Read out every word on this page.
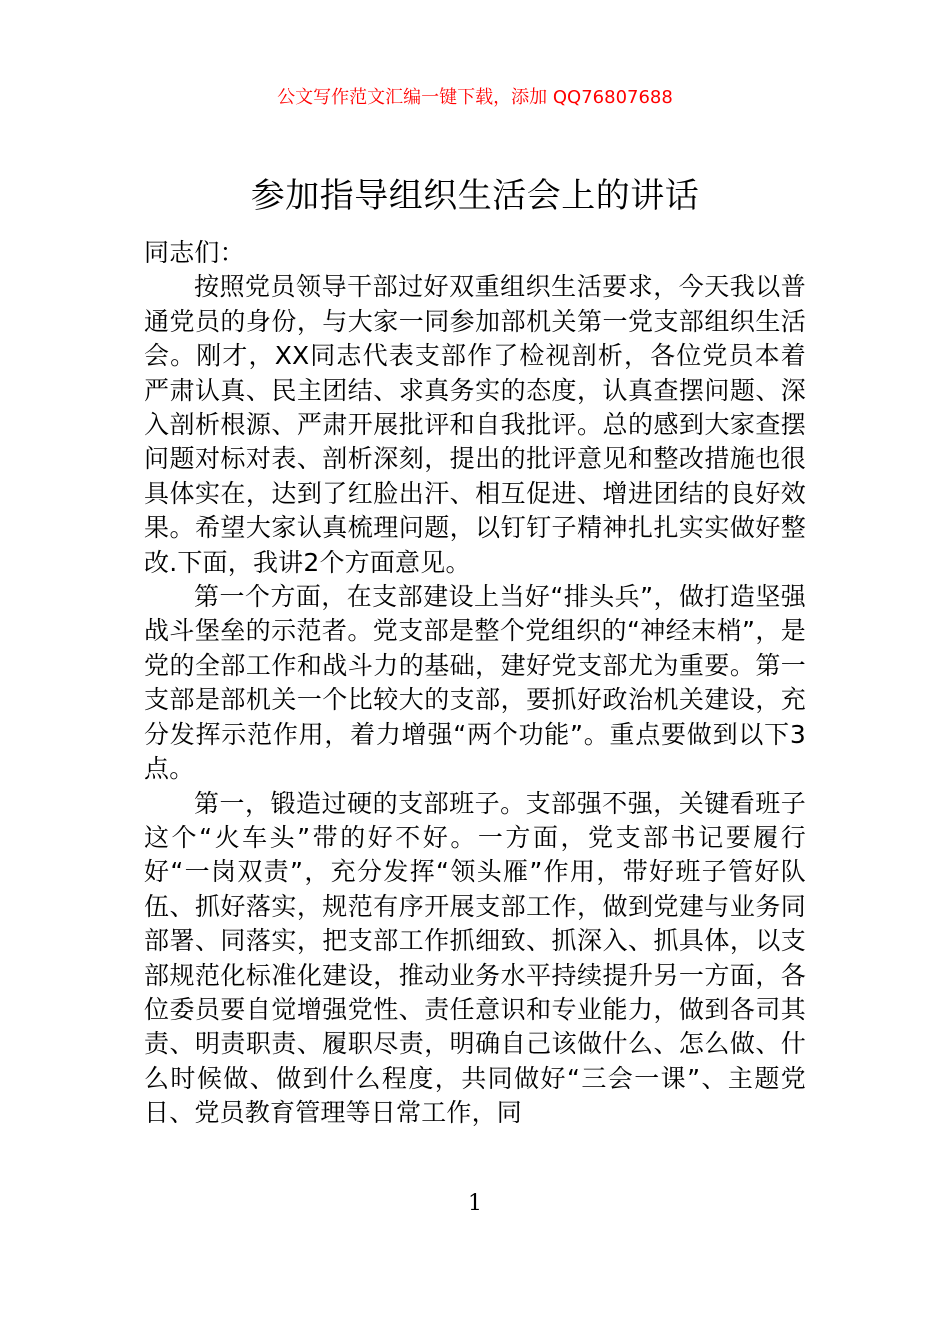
公文写作范文汇编一键下载，添加 QQ76807688
参加指导组织生活会上的讲话

同志们：

按照党员领导干部过好双重组织生活要求，今天我以普通党员的身份，与大家一同参加部机关第一党支部组织生活会。刚才，XX同志代表支部作了检视剖析，各位党员本着严肃认真、民主团结、求真务实的态度，认真查摆问题、深入剖析根源、严肃开展批评和自我批评。总的感到大家查摆问题对标对表、剖析深刻，提出的批评意见和整改措施也很具体实在，达到了红脸出汗、相互促进、增进团结的良好效果。希望大家认真梳理问题，以钉钉子精神扎扎实实做好整改.下面，我讲2个方面意见。

第一个方面，在支部建设上当好“排头兵”，做打造坚强战斗堡垒的示范者。党支部是整个党组织的“神经末梢”，是党的全部工作和战斗力的基础，建好党支部尤为重要。第一支部是部机关一个比较大的支部，要抓好政治机关建设，充分发挥示范作用，着力增强“两个功能”。重点要做到以下3点。

第一，锻造过硬的支部班子。支部强不强，关键看班子这个“火车头”带的好不好。一方面，党支部书记要履行好“一岗双责”，充分发挥“领头雁”作用，带好班子管好队伍、抓好落实，规范有序开展支部工作，做到党建与业务同部署、同落实，把支部工作抓细致、抓深入、抓具体，以支部规范化标准化建设，推动业务水平持续提升另一方面，各位委员要自觉增强党性、责任意识和专业能力，做到各司其责、明责职责、履职尽责，明确自己该做什么、怎么做、什么时候做、做到什么程度，共同做好“三会一课”、主题党日、党员教育管理等日常工作，同

1
